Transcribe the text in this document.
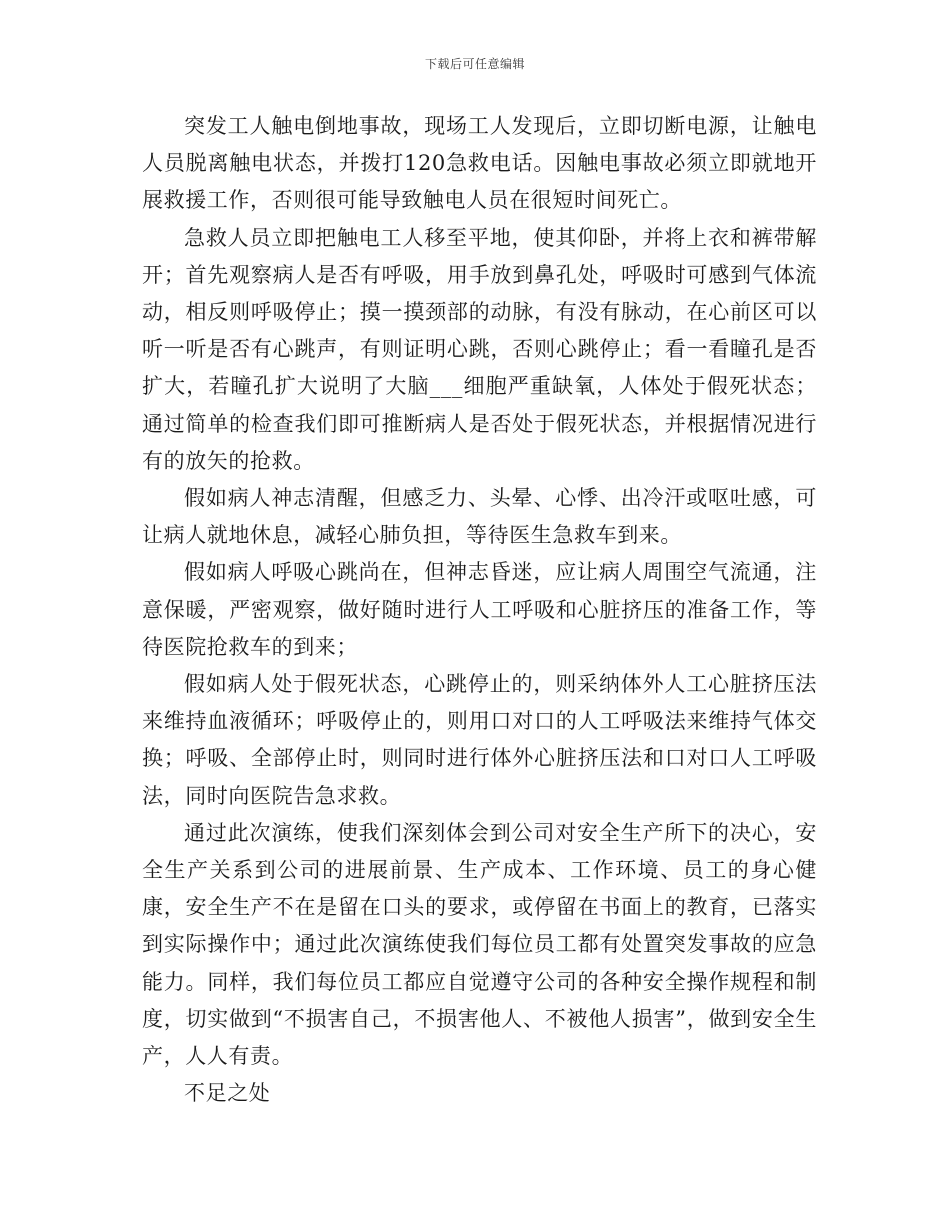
下载后可任意编辑

突发工人触电倒地事故，现场工人发现后，立即切断电源，让触电人员脱离触电状态，并拨打120急救电话。因触电事故必须立即就地开展救援工作，否则很可能导致触电人员在很短时间死亡。

急救人员立即把触电工人移至平地，使其仰卧，并将上衣和裤带解开；首先观察病人是否有呼吸，用手放到鼻孔处，呼吸时可感到气体流动，相反则呼吸停止；摸一摸颈部的动脉，有没有脉动，在心前区可以听一听是否有心跳声，有则证明心跳，否则心跳停止；看一看瞳孔是否扩大，若瞳孔扩大说明了大脑___细胞严重缺氧，人体处于假死状态；通过简单的检查我们即可推断病人是否处于假死状态，并根据情况进行有的放矢的抢救。

假如病人神志清醒，但感乏力、头晕、心悸、出冷汗或呕吐感，可让病人就地休息，减轻心肺负担，等待医生急救车到来。

假如病人呼吸心跳尚在，但神志昏迷，应让病人周围空气流通，注意保暖，严密观察，做好随时进行人工呼吸和心脏挤压的准备工作，等待医院抢救车的到来；

假如病人处于假死状态，心跳停止的，则采纳体外人工心脏挤压法来维持血液循环；呼吸停止的，则用口对口的人工呼吸法来维持气体交换；呼吸、全部停止时，则同时进行体外心脏挤压法和口对口人工呼吸法，同时向医院告急求救。

通过此次演练，使我们深刻体会到公司对安全生产所下的决心，安全生产关系到公司的进展前景、生产成本、工作环境、员工的身心健康，安全生产不在是留在口头的要求，或停留在书面上的教育，已落实到实际操作中；通过此次演练使我们每位员工都有处置突发事故的应急能力。同样，我们每位员工都应自觉遵守公司的各种安全操作规程和制度，切实做到“不损害自己，不损害他人、不被他人损害”，做到安全生产，人人有责。

不足之处
